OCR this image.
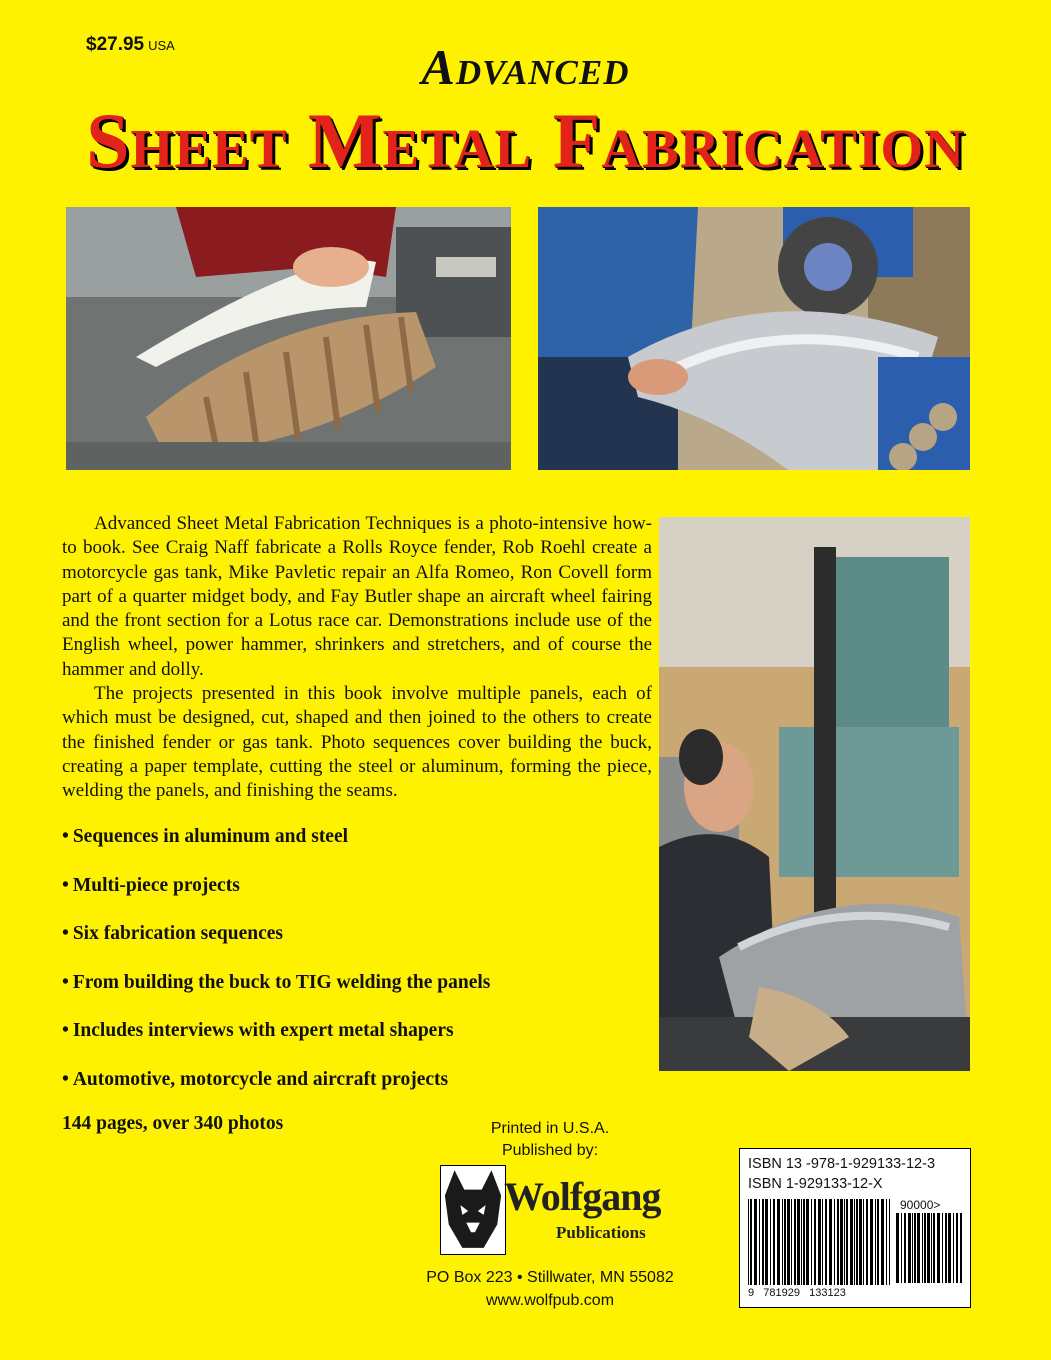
$27.95 USA	Advanced
Sheet Metal Fabrication

Advanced Sheet Metal Fabrication Techniques is a photo-intensive how-to book. See Craig Naff fabricate a Rolls Royce fender, Rob Roehl create a motorcycle gas tank, Mike Pavletic repair an Alfa Romeo, Ron Covell form part of a quarter midget body, and Fay Butler shape an aircraft wheel fairing and the front section for a Lotus race car. Demonstrations include use of the English wheel, power hammer, shrinkers and stretchers, and of course the hammer and dolly.

The projects presented in this book involve multiple panels, each of which must be designed, cut, shaped and then joined to the others to create the finished fender or gas tank. Photo sequences cover building the buck, creating a paper template, cutting the steel or aluminum, forming the piece, welding the panels, and finishing the seams.

• Sequences in aluminum and steel
• Multi-piece projects
• Six fabrication sequences
• From building the buck to TIG welding the panels
• Includes interviews with expert metal shapers
• Automotive, motorcycle and aircraft projects
144 pages, over 340 photos	Printed in U.S.A.
Published by:
Wolfgang
Publications
PO Box 223 • Stillwater, MN 55082
www.wolfpub.com
ISBN 13 -978-1-929133-12-3
ISBN 1-929133-12-X
90000>
9   781929   133123
